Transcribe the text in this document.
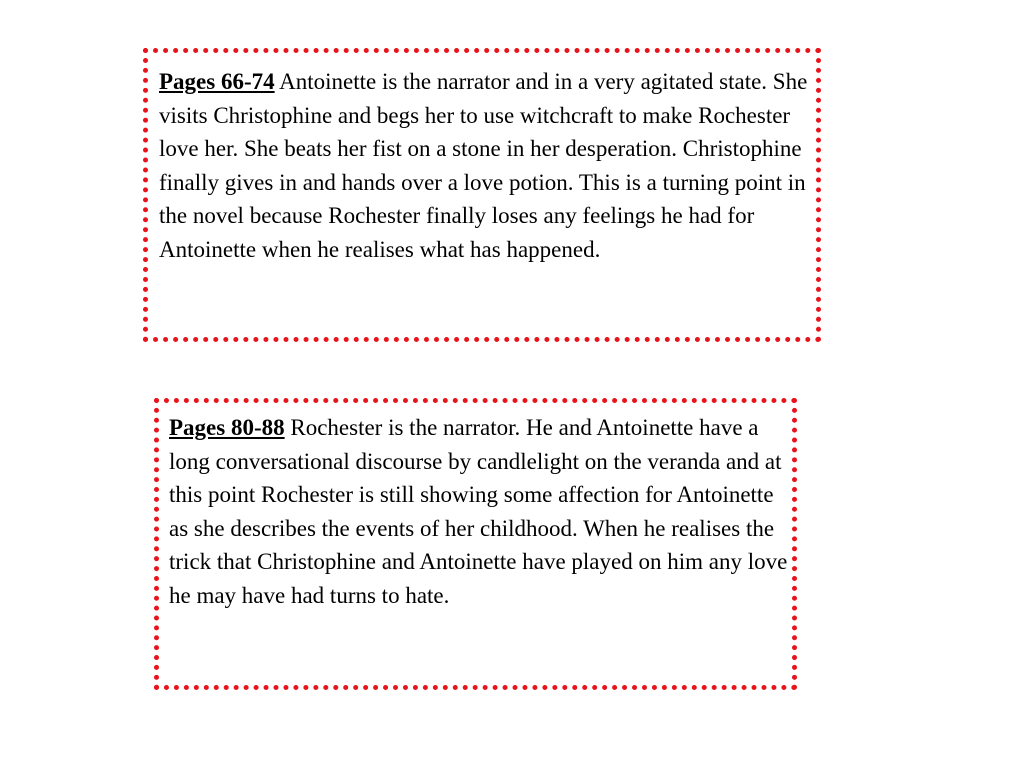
Pages 66-74 Antoinette is the narrator and in a very agitated state. She visits Christophine and begs her to use witchcraft to make Rochester love her. She beats her fist on a stone in her desperation. Christophine finally gives in and hands over a love potion. This is a turning point in the novel because Rochester finally loses any feelings he had for Antoinette when he realises what has happened.

Pages 80-88 Rochester is the narrator. He and Antoinette have a long conversational discourse by candlelight on the veranda and at this point Rochester is still showing some affection for Antoinette as she describes the events of her childhood. When he realises the trick that Christophine and Antoinette have played on him any love he may have had turns to hate.
